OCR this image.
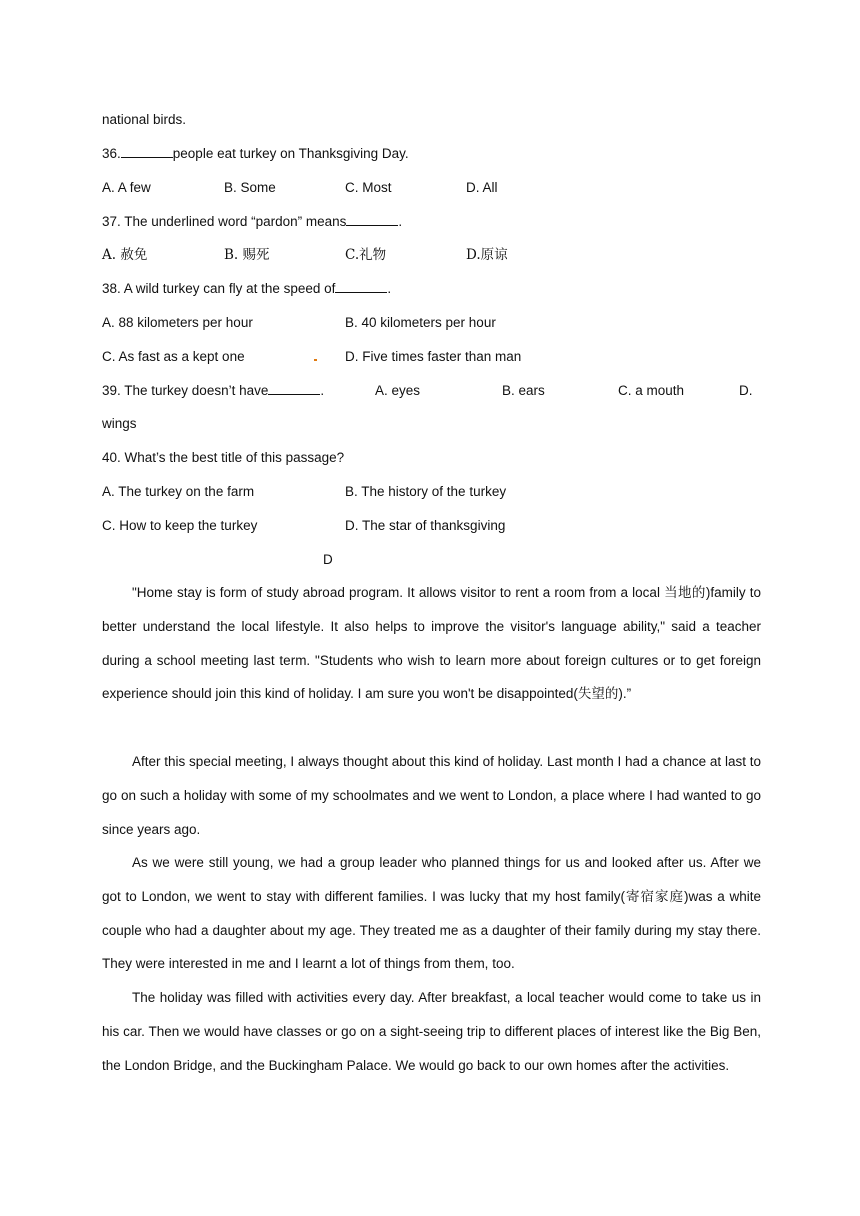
national birds.
36.	people eat turkey on Thanksgiving Day.
A. A few	B. Some	C. Most	D. All
37. The underlined word “pardon” means	.
A. 赦免	B. 赐死	C.礼物	D.原谅
38. A wild turkey can fly at the speed of	.
A. 88 kilometers per hour	B. 40 kilometers per hour
C. As fast as a kept one	D. Five times faster than man
39. The turkey doesn’t have	.	A. eyes	B. ears	C. a mouth	D.
wings
40. What’s the best title of this passage?
A. The turkey on the farm	B. The history of the turkey
C. How to keep the turkey	D. The star of thanksgiving
D
"Home stay is form of study abroad program. It allows visitor to rent a room from a local 当地的)family to better understand the local lifestyle. It also helps to improve the visitor's language ability," said a teacher during a school meeting last term. "Students who wish to learn more about foreign cultures or to get foreign experience should join this kind of holiday. I am sure you won't be disappointed(失望的).”
After this special meeting, I always thought about this kind of holiday. Last month I had a chance at last to go on such a holiday with some of my schoolmates and we went to London, a place where I had wanted to go since years ago.
As we were still young, we had a group leader who planned things for us and looked after us. After we got to London, we went to stay with different families. I was lucky that my host family(寄宿家庭)was a white couple who had a daughter about my age. They treated me as a daughter of their family during my stay there. They were interested in me and I learnt a lot of things from them, too.
The holiday was filled with activities every day. After breakfast, a local teacher would come to take us in his car. Then we would have classes or go on a sight-seeing trip to different places of interest like the Big Ben, the London Bridge, and the Buckingham Palace. We would go back to our own homes after the activities.
